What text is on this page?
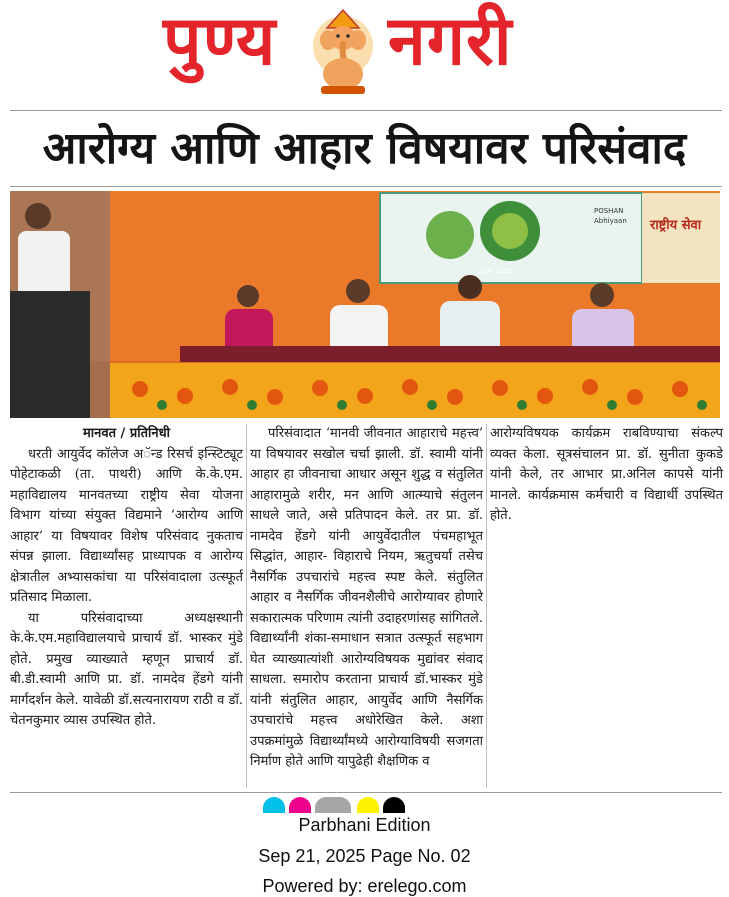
पुण्य नगरी
आरोग्य आणि आहार विषयावर परिसंवाद
POSHAN
Abhiyaan
sept 2025
राष्ट्रीय सेवा

मानवत / प्रतिनिधी

धरती आयुर्वेद कॉलेज अॅन्ड रिसर्च इन्स्टिट्यूट पोहेटाकळी (ता. पाथरी) आणि के.के.एम. महाविद्यालय मानवतच्या राष्ट्रीय सेवा योजना विभाग यांच्या संयुक्त विद्यमाने ‘आरोग्य आणि आहार’ या विषयावर विशेष परिसंवाद नुकताच संपन्न झाला. विद्यार्थ्यांसह प्राध्यापक व आरोग्य क्षेत्रातील अभ्यासकांचा या परिसंवादाला उत्स्फूर्त प्रतिसाद मिळाला.

या परिसंवादाच्या अध्यक्षस्थानी के.के.एम.महाविद्यालयाचे प्राचार्य डॉ. भास्कर मुंडे होते. प्रमुख व्याख्याते म्हणून प्राचार्य डॉ. बी.डी.स्वामी आणि प्रा. डॉ. नामदेव हेंडगे यांनी मार्गदर्शन केले. यावेळी डॉ.सत्यनारायण राठी व डॉ. चेतनकुमार व्यास उपस्थित होते.

परिसंवादात ‘मानवी जीवनात आहाराचे महत्त्व’ या विषयावर सखोल चर्चा झाली. डॉ. स्वामी यांनी आहार हा जीवनाचा आधार असून शुद्ध व संतुलित आहारामुळे शरीर, मन आणि आत्म्याचे संतुलन साधले जाते, असे प्रतिपादन केले. तर प्रा. डॉ. नामदेव हेंडगे यांनी आयुर्वेदातील पंचमहाभूत सिद्धांत, आहार- विहाराचे नियम, ऋतुचर्या तसेच नैसर्गिक उपचारांचे महत्त्व स्पष्ट केले. संतुलित आहार व नैसर्गिक जीवनशैलीचे आरोग्यावर होणारे सकारात्मक परिणाम त्यांनी उदाहरणांसह सांगितले. विद्यार्थ्यांनी शंका-समाधान सत्रात उत्स्फूर्त सहभाग घेत व्याख्यात्यांशी आरोग्यविषयक मुद्यांवर संवाद साधला. समारोप करताना प्राचार्य डॉ.भास्कर मुंडे यांनी संतुलित आहार, आयुर्वेद आणि नैसर्गिक उपचारांचे महत्त्व अधोरेखित केले. अशा उपक्रमांमुळे विद्यार्थ्यांमध्ये आरोग्याविषयी सजगता निर्माण होते आणि यापुढेही शैक्षणिक व

आरोग्यविषयक कार्यक्रम राबविण्याचा संकल्प व्यक्त केला. सूत्रसंचालन प्रा. डॉ. सुनीता कुकडे यांनी केले, तर आभार प्रा.अनिल कापसे यांनी मानले. कार्यक्रमास कर्मचारी व विद्यार्थी उपस्थित होते.

Parbhani Edition
Sep 21, 2025 Page No. 02
Powered by: erelego.com
